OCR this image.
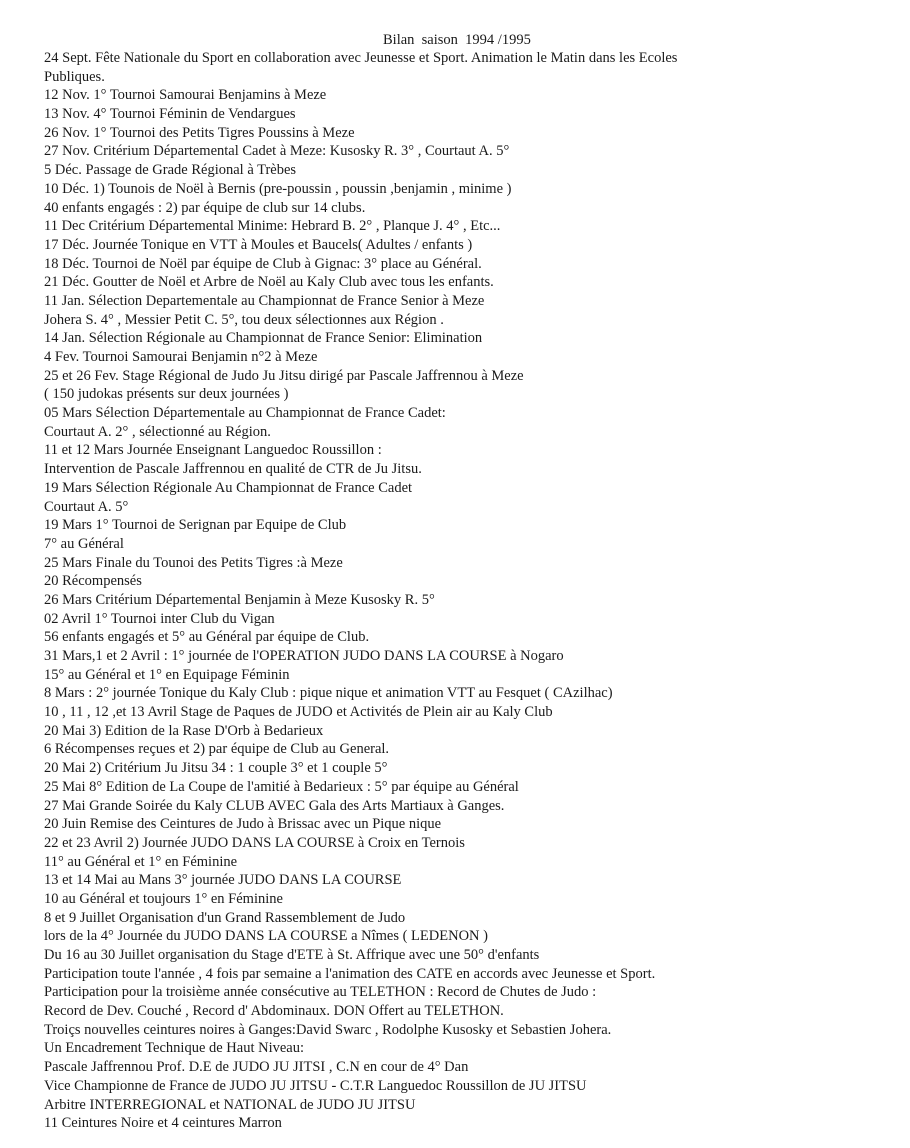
Bilan  saison  1994 /1995
24 Sept. Fête Nationale du Sport en collaboration avec Jeunesse et Sport. Animation le Matin dans les Ecoles
Publiques.
12 Nov. 1° Tournoi Samourai Benjamins à Meze
13 Nov. 4° Tournoi Féminin de Vendargues
26 Nov. 1° Tournoi des Petits Tigres Poussins à Meze
27 Nov. Critérium Départemental Cadet à Meze: Kusosky R. 3° , Courtaut A. 5°
5 Déc. Passage de Grade Régional à Trèbes
10 Déc. 1) Tounois de Noël à Bernis (pre-poussin , poussin ,benjamin , minime )
40 enfants engagés : 2) par équipe de club sur 14 clubs.
11 Dec Critérium Départemental Minime: Hebrard B. 2° , Planque J. 4° , Etc...
17 Déc. Journée Tonique en VTT à Moules et Baucels( Adultes / enfants )
18 Déc. Tournoi de Noël par équipe de Club à Gignac: 3° place au Général.
21 Déc. Goutter de Noël et Arbre de Noël au Kaly Club avec tous les enfants.
11 Jan. Sélection Departementale au Championnat de France Senior à Meze
Johera S. 4° , Messier Petit C. 5°, tou deux sélectionnes aux Région .
14 Jan. Sélection Régionale au Championnat de France Senior: Elimination
4 Fev. Tournoi Samourai Benjamin n°2 à Meze
25 et 26 Fev. Stage Régional de Judo Ju Jitsu dirigé par Pascale Jaffrennou à Meze
( 150 judokas présents sur deux journées )
05 Mars Sélection Départementale au Championnat de France Cadet:
Courtaut A. 2° , sélectionné au Région.
11 et 12 Mars Journée Enseignant Languedoc Roussillon :
Intervention de Pascale Jaffrennou en qualité de CTR de Ju Jitsu.
19 Mars Sélection Régionale Au Championnat de France Cadet
Courtaut A. 5°
19 Mars 1° Tournoi de Serignan par Equipe de Club
7° au Général
25 Mars Finale du Tounoi des Petits Tigres :à Meze
20 Récompensés
26 Mars Critérium Départemental Benjamin à Meze Kusosky R. 5°
02 Avril 1° Tournoi inter Club du Vigan
56 enfants engagés et 5° au Général par équipe de Club.
31 Mars,1 et 2 Avril : 1° journée de l'OPERATION JUDO DANS LA COURSE à Nogaro
15° au Général et 1° en Equipage Féminin
8 Mars : 2° journée Tonique du Kaly Club : pique nique et animation VTT au Fesquet ( CAzilhac)
10 , 11 , 12 ,et 13 Avril Stage de Paques de JUDO et Activités de Plein air au Kaly Club
20 Mai 3) Edition de la Rase D'Orb à Bedarieux
6 Récompenses reçues et 2) par équipe de Club au General.
20 Mai 2) Critérium Ju Jitsu 34 : 1 couple 3° et 1 couple 5°
25 Mai 8° Edition de La Coupe de l'amitié à Bedarieux : 5° par équipe au Général
27 Mai Grande Soirée du Kaly CLUB AVEC Gala des Arts Martiaux à Ganges.
20 Juin Remise des Ceintures de Judo à Brissac avec un Pique nique
22 et 23 Avril 2) Journée JUDO DANS LA COURSE à Croix en Ternois
11° au Général et 1° en Féminine
13 et 14 Mai au Mans 3° journée JUDO DANS LA COURSE
10 au Général et toujours 1° en Féminine
8 et 9 Juillet Organisation d'un Grand Rassemblement de Judo
lors de la 4° Journée du JUDO DANS LA COURSE a Nîmes ( LEDENON )
Du 16 au 30 Juillet organisation du Stage d'ETE à St. Affrique avec une 50° d'enfants
Participation toute l'année , 4 fois par semaine a l'animation des CATE en accords avec Jeunesse et Sport.
Participation pour la troisième année consécutive au TELETHON : Record de Chutes de Judo :
Record de Dev. Couché , Record d' Abdominaux. DON Offert au TELETHON.
Troiçs nouvelles ceintures noires à Ganges:David Swarc , Rodolphe Kusosky et Sebastien Johera.
Un Encadrement Technique de Haut Niveau:
Pascale Jaffrennou Prof. D.E de JUDO JU JITSI , C.N en cour de 4° Dan
Vice Championne de France de JUDO JU JITSU - C.T.R Languedoc Roussillon de JU JITSU
Arbitre INTERREGIONAL et NATIONAL de JUDO JU JITSU
11 Ceintures Noire et 4 ceintures Marron
